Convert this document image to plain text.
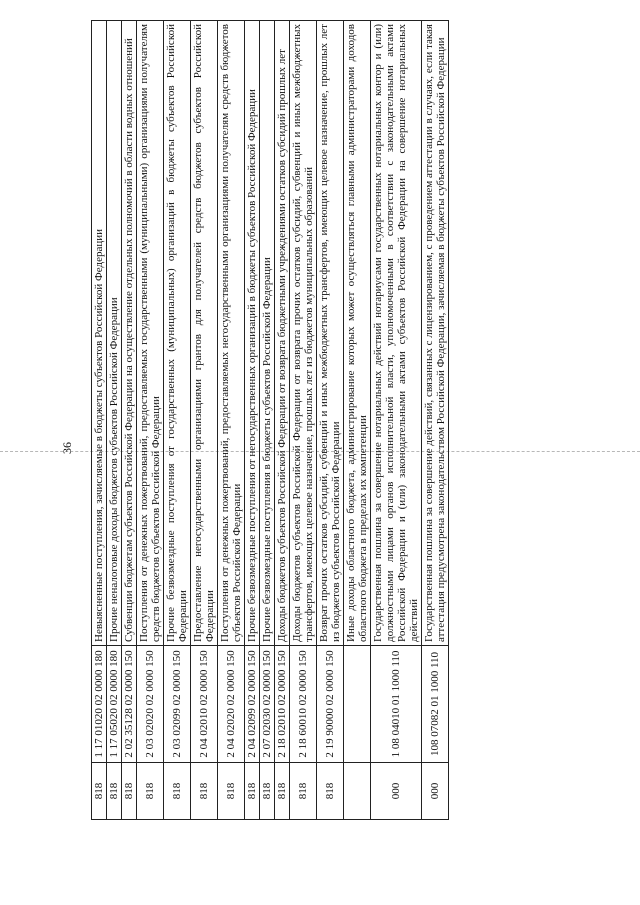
36
818	1 17 01020 02 0000 180	Невыясненные поступления, зачисляемые в бюджеты субъектов Российской Федерации
818	1 17 05020 02 0000 180	Прочие неналоговые доходы бюджетов субъектов Российской Федерации
818	2 02 35128 02 0000 150	Субвенции бюджетам субъектов Российской Федерации на осуществление отдельных полномочий в области водных отношений
818	2 03 02020 02 0000 150	Поступления от денежных пожертвований, предоставляемых государственными (муниципальными) организациями получателям средств бюджетов субъектов Российской Федерации
818	2 03 02099 02 0000 150	Прочие безвозмездные поступления от государственных (муниципальных) организаций в бюджеты субъектов Российской Федерации
818	2 04 02010 02 0000 150	Предоставление негосударственными организациями грантов для получателей средств бюджетов субъектов Российской Федерации
818	2 04 02020 02 0000 150	Поступления от денежных пожертвований, предоставляемых негосударственными организациями получателям средств бюджетов субъектов Российской Федерации
818	2 04 02099 02 0000 150	Прочие безвозмездные поступления от негосударственных организаций в бюджеты субъектов Российской Федерации
818	2 07 02030 02 0000 150	Прочие безвозмездные поступления в бюджеты субъектов Российской Федерации
818	2 18 02010 02 0000 150	Доходы бюджетов субъектов Российской Федерации от возврата бюджетными учреждениями остатков субсидий прошлых лет
818	2 18 60010 02 0000 150	Доходы бюджетов субъектов Российской Федерации от возврата прочих остатков субсидий, субвенций и иных межбюджетных трансфертов, имеющих целевое назначение, прошлых лет из бюджетов муниципальных образований
818	2 19 90000 02 0000 150	Возврат прочих остатков субсидий, субвенций и иных межбюджетных трансфертов, имеющих целевое назначение, прошлых лет из бюджетов субъектов Российской Федерации
		Иные доходы областного бюджета, администрирование которых может осуществляться главными администраторами доходов областного бюджета в пределах их компетенции
000	1 08 04010 01 1000 110	Государственная пошлина за совершение нотариальных действий нотариусами государственных нотариальных контор и (или) должностными лицами органов исполнительной власти, уполномоченными в соответствии с законодательными актами Российской Федерации и (или) законодательными актами субъектов Российской Федерации на совершение нотариальных действий
000	108 07082 01 1000 110	Государственная пошлина за совершение действий, связанных с лицензированием, с проведением аттестации в случаях, если такая аттестация предусмотрена законодательством Российской Федерации, зачисляемая в бюджеты субъектов Российской Федерации
